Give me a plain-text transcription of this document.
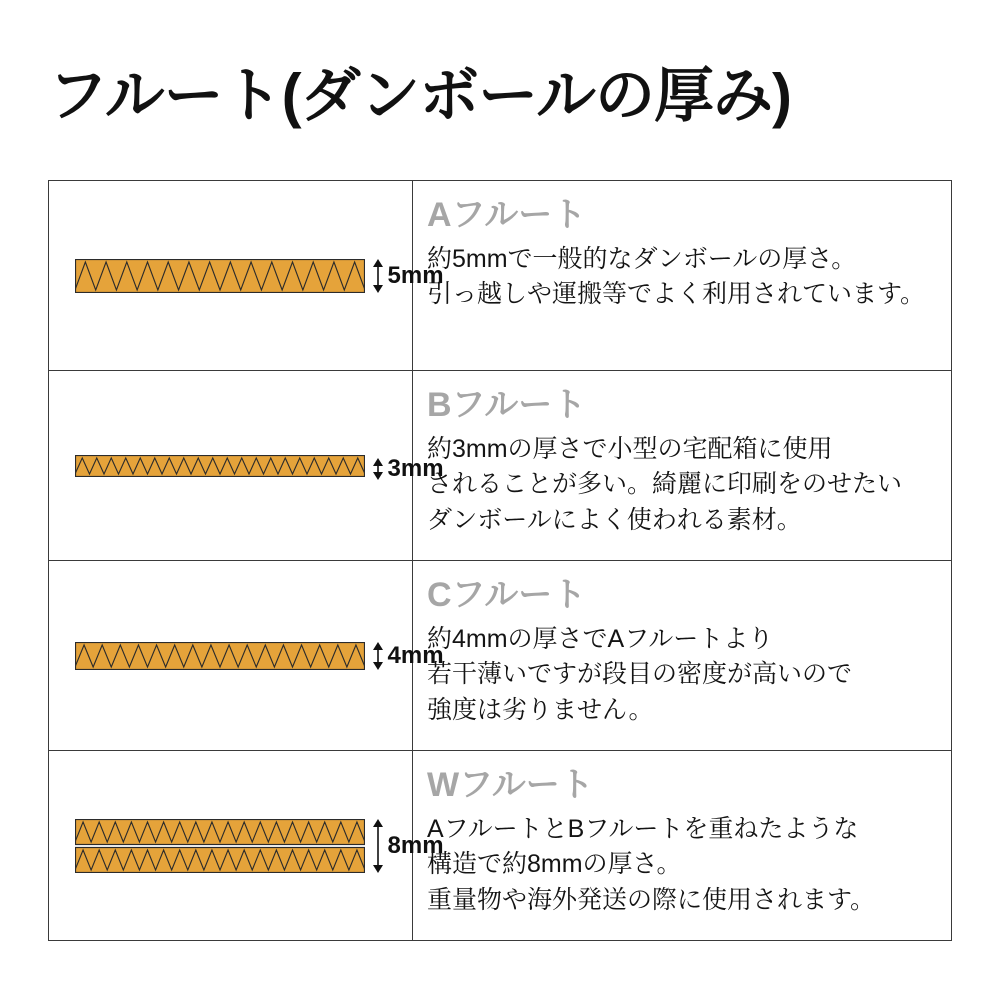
フルート(ダンボールの厚み)
5mm
Aフルート
約5mmで一般的なダンボールの厚さ。
引っ越しや運搬等でよく利用されています。
3mm
Bフルート
約3mmの厚さで小型の宅配箱に使用
されることが多い。綺麗に印刷をのせたい
ダンボールによく使われる素材。
4mm
Cフルート
約4mmの厚さでAフルートより
若干薄いですが段目の密度が高いので
強度は劣りません。
8mm
Wフルート
AフルートとBフルートを重ねたような
構造で約8mmの厚さ。
重量物や海外発送の際に使用されます。
